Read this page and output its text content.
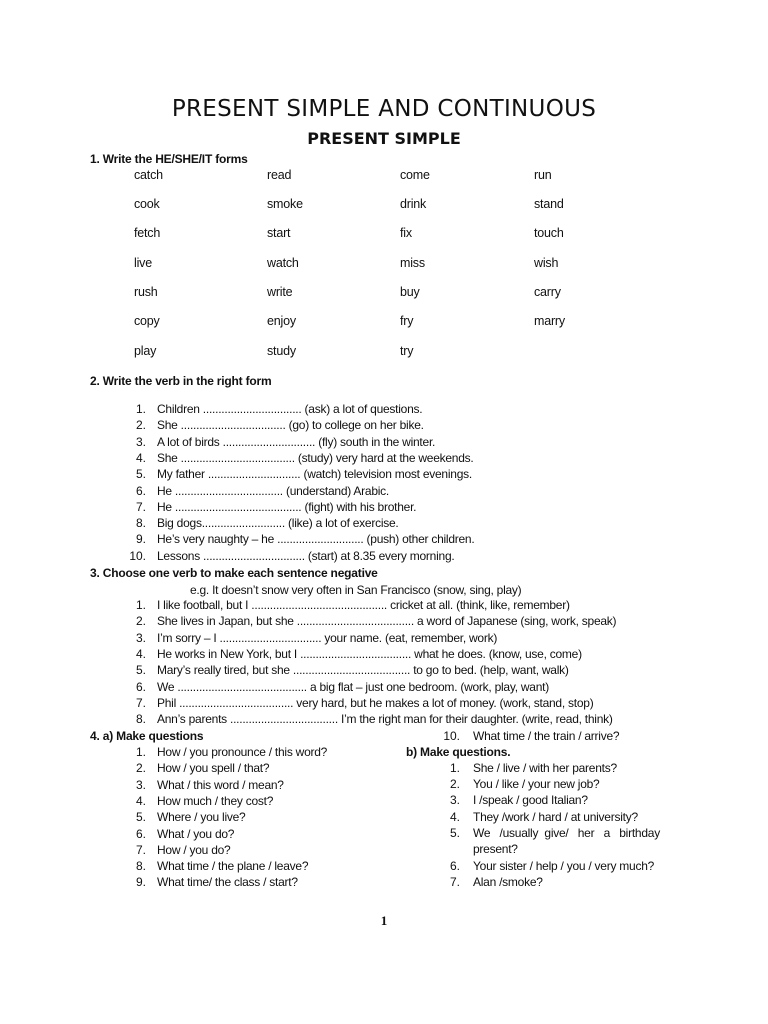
PRESENT SIMPLE AND CONTINUOUS
PRESENT SIMPLE
1. Write the HE/SHE/IT forms
catch	read	come	run
cook	smoke	drink	stand
fetch	start	fix	touch
live	watch	miss	wish
rush	write	buy	carry
copy	enjoy	fry	marry
play	study	try
2. Write the verb in the right form
1. Children ................................ (ask) a lot of questions.
2. She .................................. (go) to college on her bike.
3. A lot of birds .............................. (fly) south in the winter.
4. She ..................................... (study) very hard at the weekends.
5. My father .............................. (watch) television most evenings.
6. He ................................... (understand) Arabic.
7. He ......................................... (fight) with his brother.
8. Big dogs........................... (like) a lot of exercise.
9. He’s very naughty – he ............................ (push) other children.
10. Lessons ................................. (start) at 8.35 every morning.
3. Choose one verb to make each sentence negative
e.g. It doesn’t snow very often in San Francisco (snow, sing, play)
1. I like football, but I ............................................ cricket at all. (think, like, remember)
2. She lives in Japan, but she ...................................... a word of Japanese (sing, work, speak)
3. I’m sorry – I ................................. your name. (eat, remember, work)
4. He works in New York, but I .................................... what he does. (know, use, come)
5. Mary’s really tired, but she ...................................... to go to bed. (help, want, walk)
6. We .......................................... a big flat – just one bedroom. (work, play, want)
7. Phil ..................................... very hard, but he makes a lot of money. (work, stand, stop)
8. Ann’s parents ................................... I’m the right man for their daughter. (write, read, think)
4. a) Make questions
1. How / you pronounce / this word?
2. How / you spell / that?
3. What / this word / mean?
4. How much / they cost?
5. Where / you live?
6. What / you do?
7. How / you do?
8. What time / the plane / leave?
9. What time/ the class / start?
10. What time / the train / arrive?
b) Make questions.
1. She / live / with her parents?
2. You / like / your new job?
3. I /speak / good Italian?
4. They /work / hard / at university?
5. We   /usually  give/   her   a   birthday
present?
6. Your sister / help / you / very much?
7. Alan /smoke?
1
